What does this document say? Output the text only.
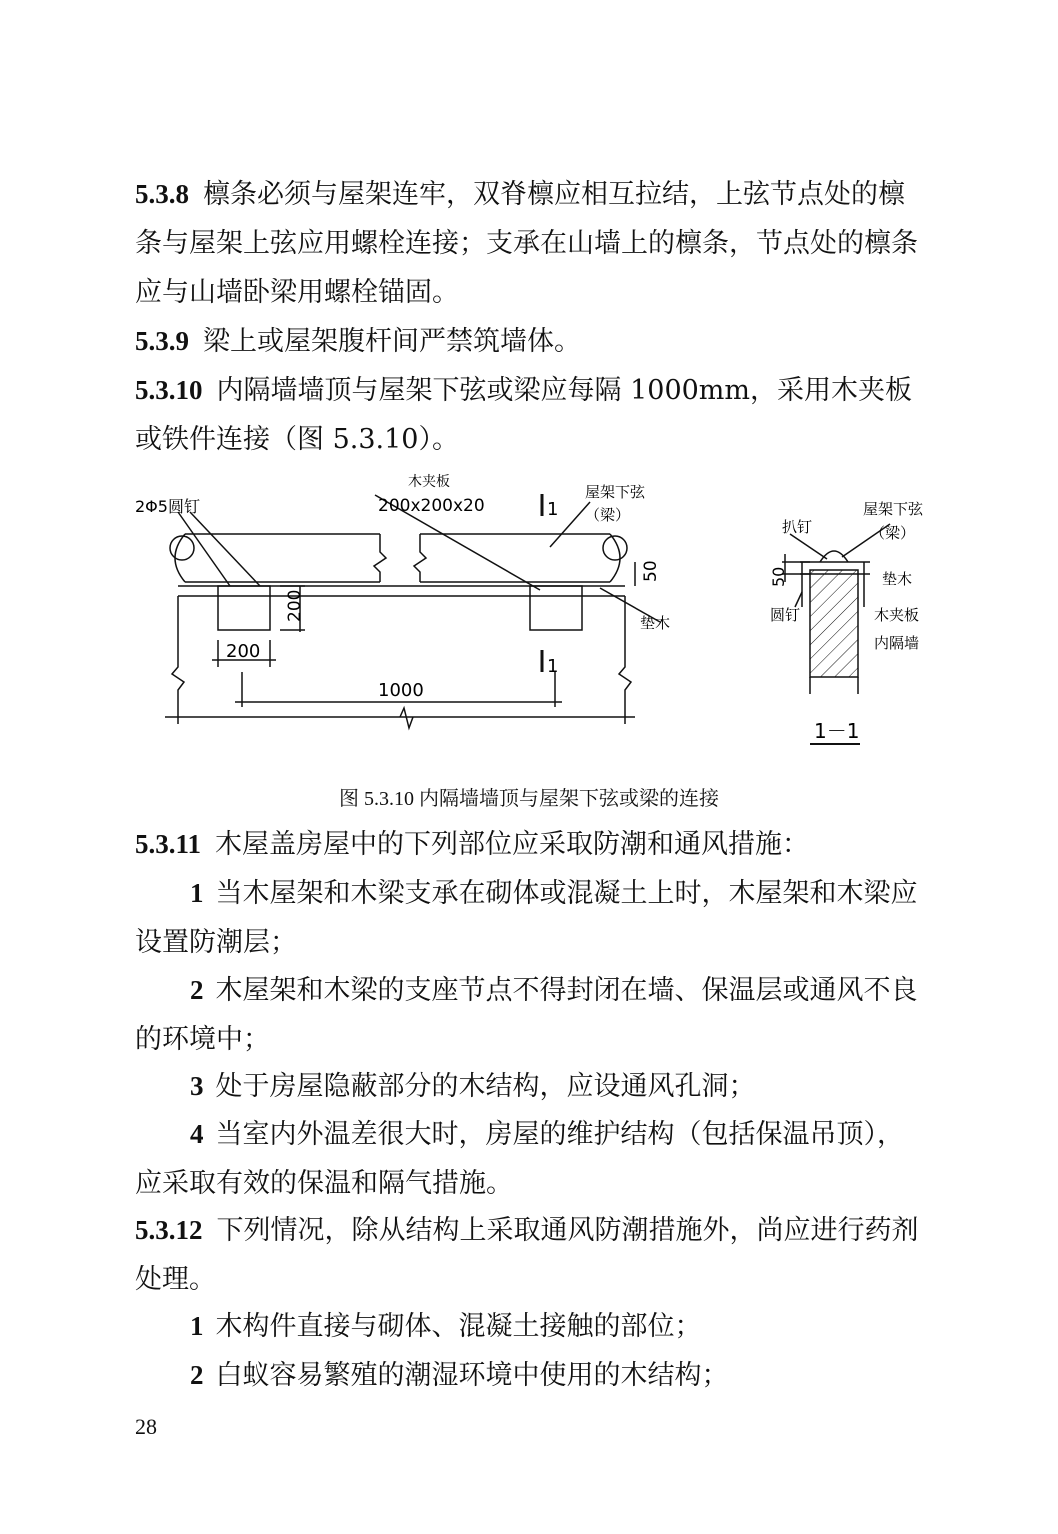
5.3.8 檩条必须与屋架连牢，双脊檩应相互拉结，上弦节点处的檩条与屋架上弦应用螺栓连接；支承在山墙上的檩条，节点处的檩条应与山墙卧梁用螺栓锚固。

5.3.9 梁上或屋架腹杆间严禁筑墙体。

5.3.10 内隔墙墙顶与屋架下弦或梁应每隔 1000mm，采用木夹板或铁件连接（图 5.3.10）。

2Φ5圆钉
木夹板
200x200x20	1
1
屋架下弦
（梁）
50
200
200
1000
垫木
扒钉
屋架下弦
（梁）
50	垫木
圆钉	木夹板
内隔墙
1－1
图 5.3.10 内隔墙墙顶与屋架下弦或梁的连接

5.3.11 木屋盖房屋中的下列部位应采取防潮和通风措施：

1 当木屋架和木梁支承在砌体或混凝土上时，木屋架和木梁应设置防潮层；

2 木屋架和木梁的支座节点不得封闭在墙、保温层或通风不良的环境中；

3 处于房屋隐蔽部分的木结构，应设通风孔洞；

4 当室内外温差很大时，房屋的维护结构（包括保温吊顶），应采取有效的保温和隔气措施。

5.3.12 下列情况，除从结构上采取通风防潮措施外，尚应进行药剂处理。

1 木构件直接与砌体、混凝土接触的部位；

2 白蚁容易繁殖的潮湿环境中使用的木结构；

28
